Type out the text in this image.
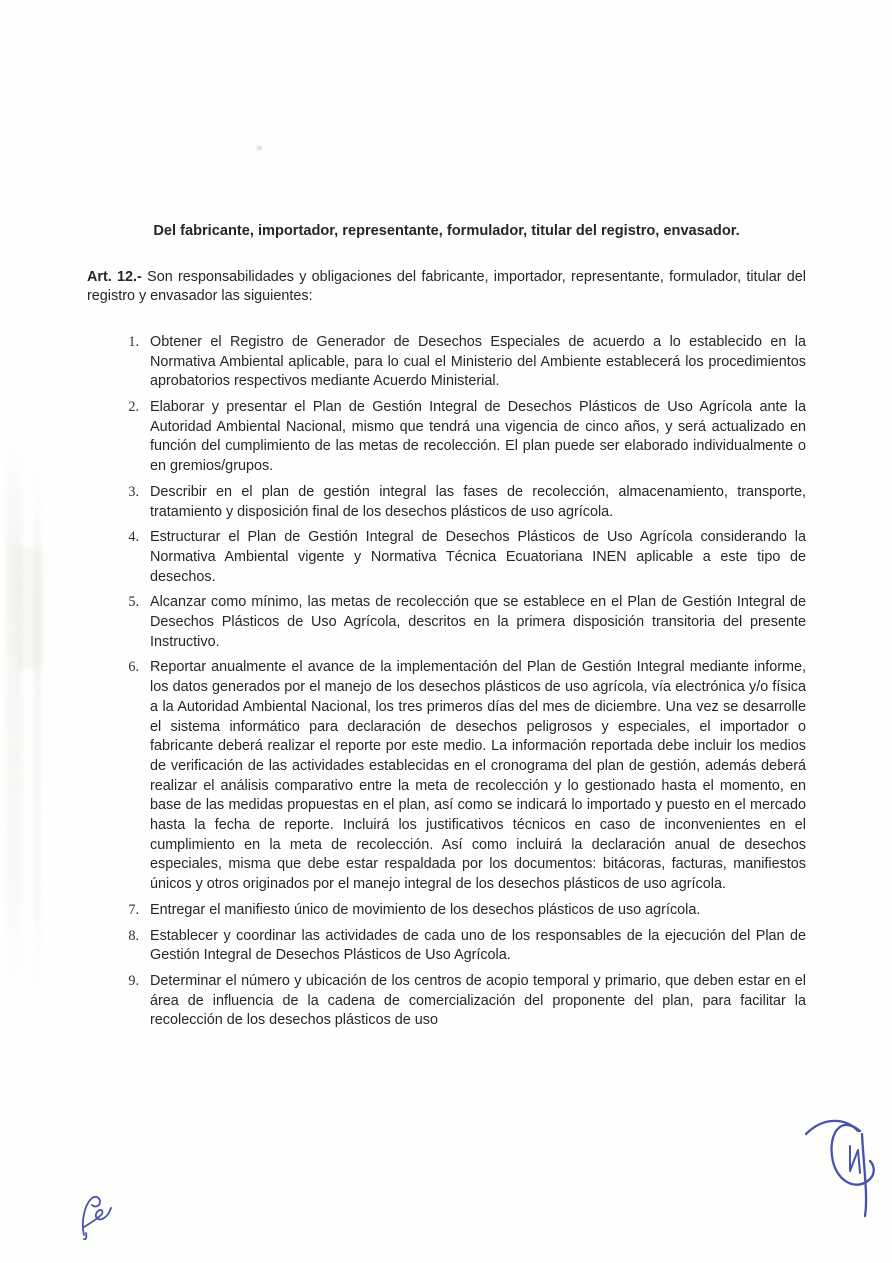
Del fabricante, importador, representante, formulador, titular del registro, envasador.

Art. 12.- Son responsabilidades y obligaciones del fabricante, importador, representante, formulador, titular del registro y envasador las siguientes:

1. Obtener el Registro de Generador de Desechos Especiales de acuerdo a lo establecido en la Normativa Ambiental aplicable, para lo cual el Ministerio del Ambiente establecerá los procedimientos aprobatorios respectivos mediante Acuerdo Ministerial.
2. Elaborar y presentar el Plan de Gestión Integral de Desechos Plásticos de Uso Agrícola ante la Autoridad Ambiental Nacional, mismo que tendrá una vigencia de cinco años, y será actualizado en función del cumplimiento de las metas de recolección. El plan puede ser elaborado individualmente o en gremios/grupos.
3. Describir en el plan de gestión integral las fases de recolección, almacenamiento, transporte, tratamiento y disposición final de los desechos plásticos de uso agrícola.
4. Estructurar el Plan de Gestión Integral de Desechos Plásticos de Uso Agrícola considerando la Normativa Ambiental vigente y Normativa Técnica Ecuatoriana INEN aplicable a este tipo de desechos.
5. Alcanzar como mínimo, las metas de recolección que se establece en el Plan de Gestión Integral de Desechos Plásticos de Uso Agrícola, descritos en la primera disposición transitoria del presente Instructivo.
6. Reportar anualmente el avance de la implementación del Plan de Gestión Integral mediante informe, los datos generados por el manejo de los desechos plásticos de uso agrícola, vía electrónica y/o física a la Autoridad Ambiental Nacional, los tres primeros días del mes de diciembre. Una vez se desarrolle el sistema informático para declaración de desechos peligrosos y especiales, el importador o fabricante deberá realizar el reporte por este medio. La información reportada debe incluir los medios de verificación de las actividades establecidas en el cronograma del plan de gestión, además deberá realizar el análisis comparativo entre la meta de recolección y lo gestionado hasta el momento, en base de las medidas propuestas en el plan, así como se indicará lo importado y puesto en el mercado hasta la fecha de reporte. Incluirá los justificativos técnicos en caso de inconvenientes en el cumplimiento en la meta de recolección. Así como incluirá la declaración anual de desechos especiales, misma que debe estar respaldada por los documentos: bitácoras, facturas, manifiestos únicos y otros originados por el manejo integral de los desechos plásticos de uso agrícola.
7. Entregar el manifiesto único de movimiento de los desechos plásticos de uso agrícola.
8. Establecer y coordinar las actividades de cada uno de los responsables de la ejecución del Plan de Gestión Integral de Desechos Plásticos de Uso Agrícola.
9. Determinar el número y ubicación de los centros de acopio temporal y primario, que deben estar en el área de influencia de la cadena de comercialización del proponente del plan, para facilitar la recolección de los desechos plásticos de uso
